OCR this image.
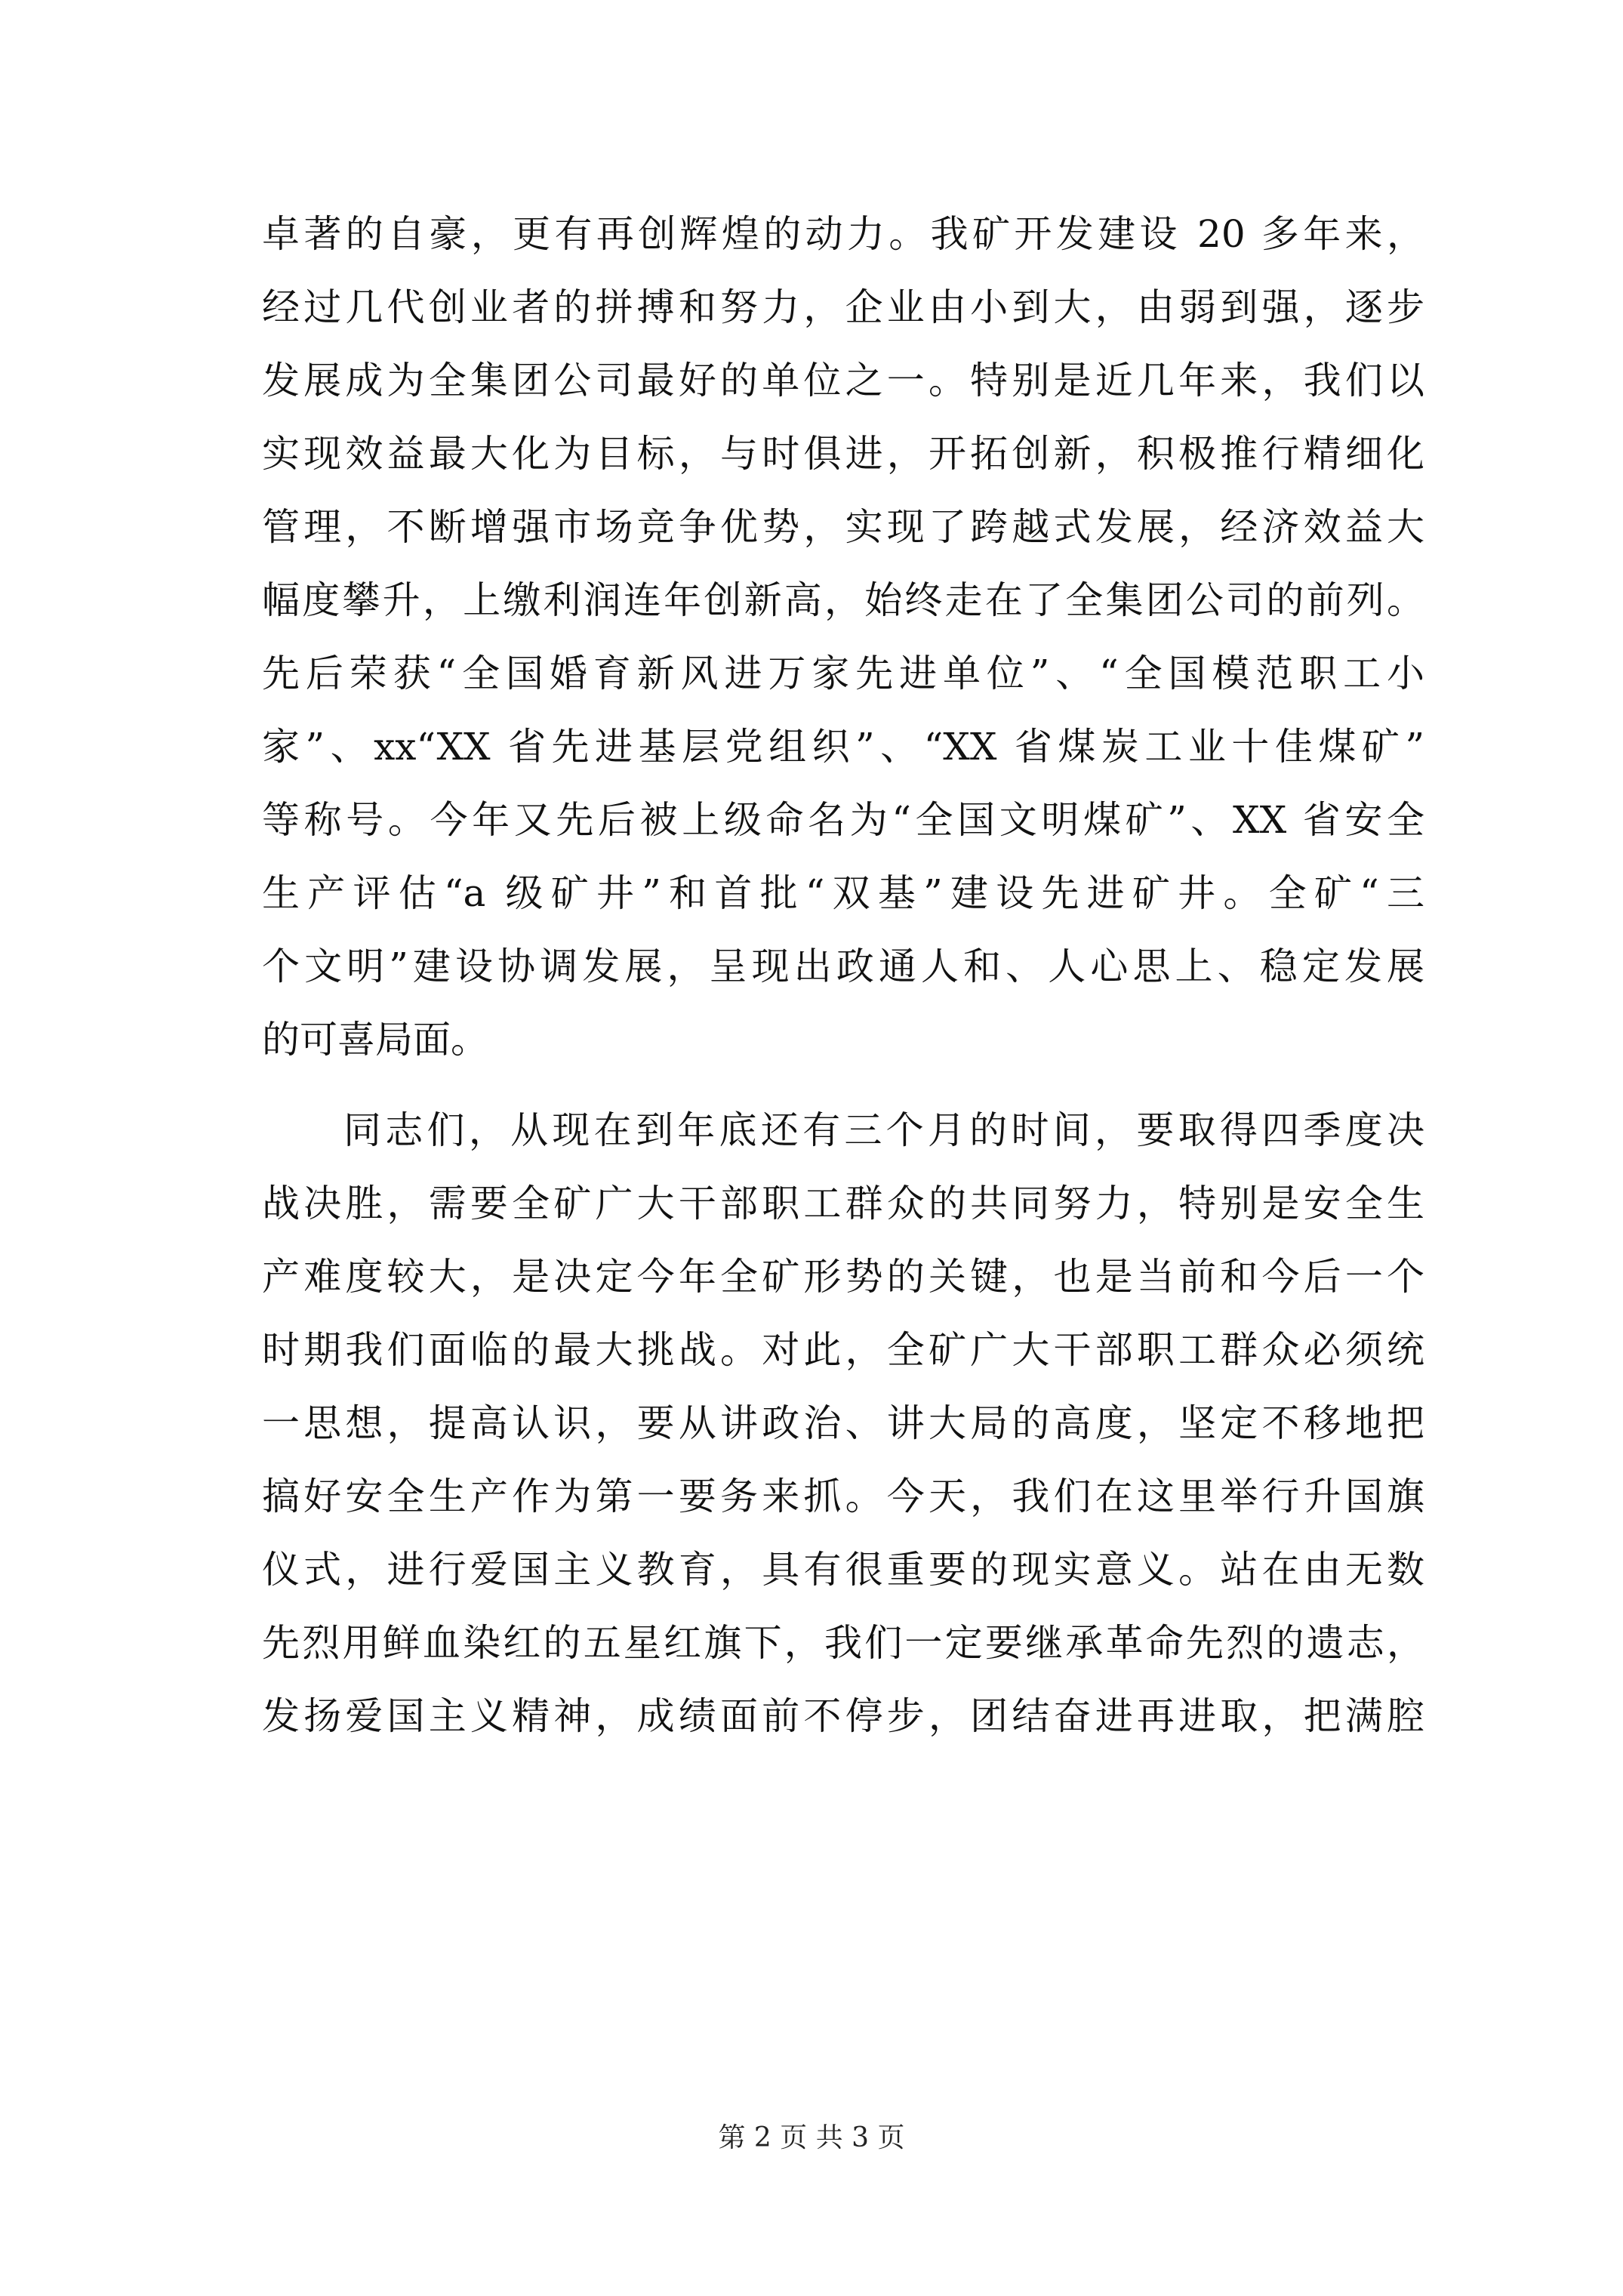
卓著的自豪，更有再创辉煌的动力。我矿开发建设 20 多年来，
经过几代创业者的拼搏和努力，企业由小到大，由弱到强，逐步
发展成为全集团公司最好的单位之一。特别是近几年来，我们以
实现效益最大化为目标，与时俱进，开拓创新，积极推行精细化
管理，不断增强市场竞争优势，实现了跨越式发展，经济效益大
幅度攀升，上缴利润连年创新高，始终走在了全集团公司的前列。
先后荣获“全国婚育新风进万家先进单位”、“全国模范职工小
家”、xx“XX 省先进基层党组织”、“XX 省煤炭工业十佳煤矿”
等称号。今年又先后被上级命名为“全国文明煤矿”、XX 省安全
生产评估“a 级矿井”和首批“双基”建设先进矿井。全矿“三
个文明”建设协调发展，呈现出政通人和、人心思上、稳定发展
的可喜局面。
同志们，从现在到年底还有三个月的时间，要取得四季度决
战决胜，需要全矿广大干部职工群众的共同努力，特别是安全生
产难度较大，是决定今年全矿形势的关键，也是当前和今后一个
时期我们面临的最大挑战。对此，全矿广大干部职工群众必须统
一思想，提高认识，要从讲政治、讲大局的高度，坚定不移地把
搞好安全生产作为第一要务来抓。今天，我们在这里举行升国旗
仪式，进行爱国主义教育，具有很重要的现实意义。站在由无数
先烈用鲜血染红的五星红旗下，我们一定要继承革命先烈的遗志，
发扬爱国主义精神，成绩面前不停步，团结奋进再进取，把满腔
第 2 页 共 3 页
